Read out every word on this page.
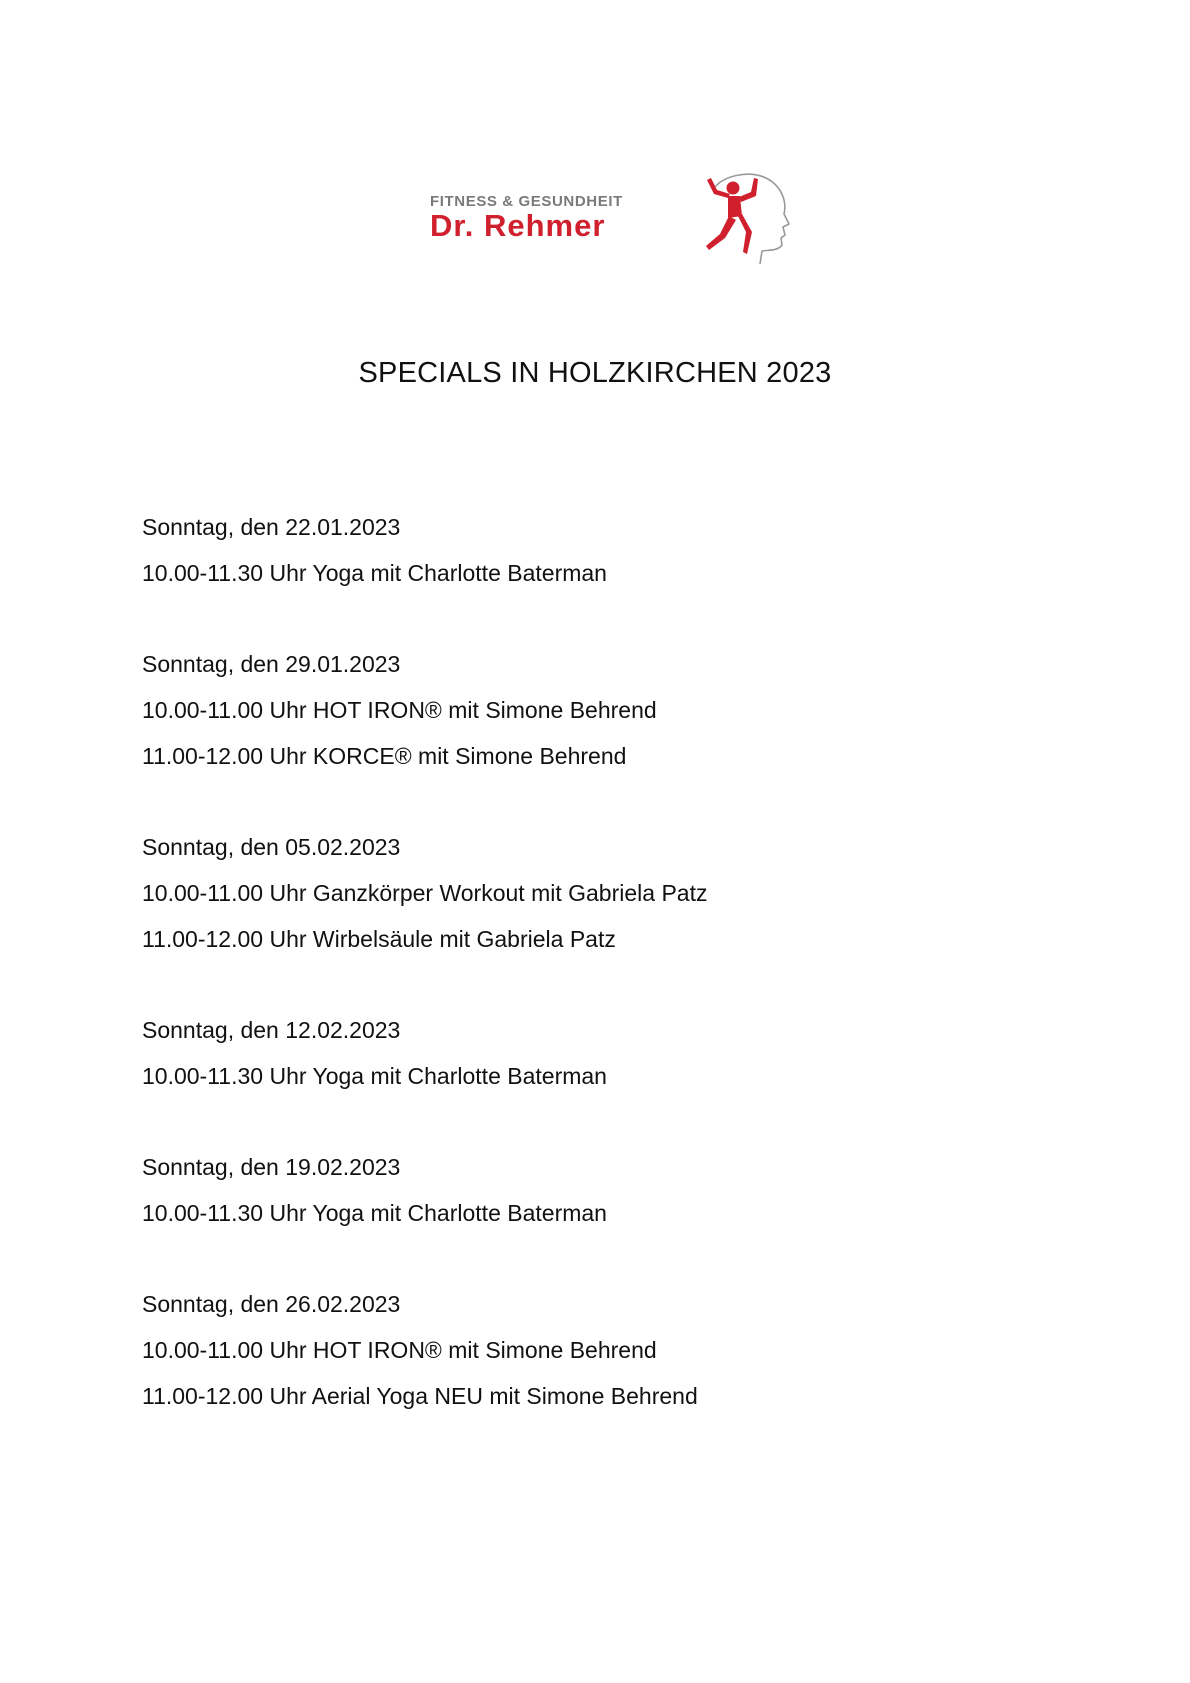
FITNESS & GESUNDHEIT
Dr. Rehmer
SPECIALS IN HOLZKIRCHEN 2023
Sonntag, den 22.01.2023
10.00-11.30 Uhr Yoga mit Charlotte Baterman
Sonntag, den 29.01.2023
10.00-11.00 Uhr HOT IRON® mit Simone Behrend
11.00-12.00 Uhr KORCE® mit Simone Behrend
Sonntag, den 05.02.2023
10.00-11.00 Uhr Ganzkörper Workout mit Gabriela Patz
11.00-12.00 Uhr Wirbelsäule mit Gabriela Patz
Sonntag, den 12.02.2023
10.00-11.30 Uhr Yoga mit Charlotte Baterman
Sonntag, den 19.02.2023
10.00-11.30 Uhr Yoga mit Charlotte Baterman
Sonntag, den 26.02.2023
10.00-11.00 Uhr HOT IRON® mit Simone Behrend
11.00-12.00 Uhr Aerial Yoga NEU mit Simone Behrend
